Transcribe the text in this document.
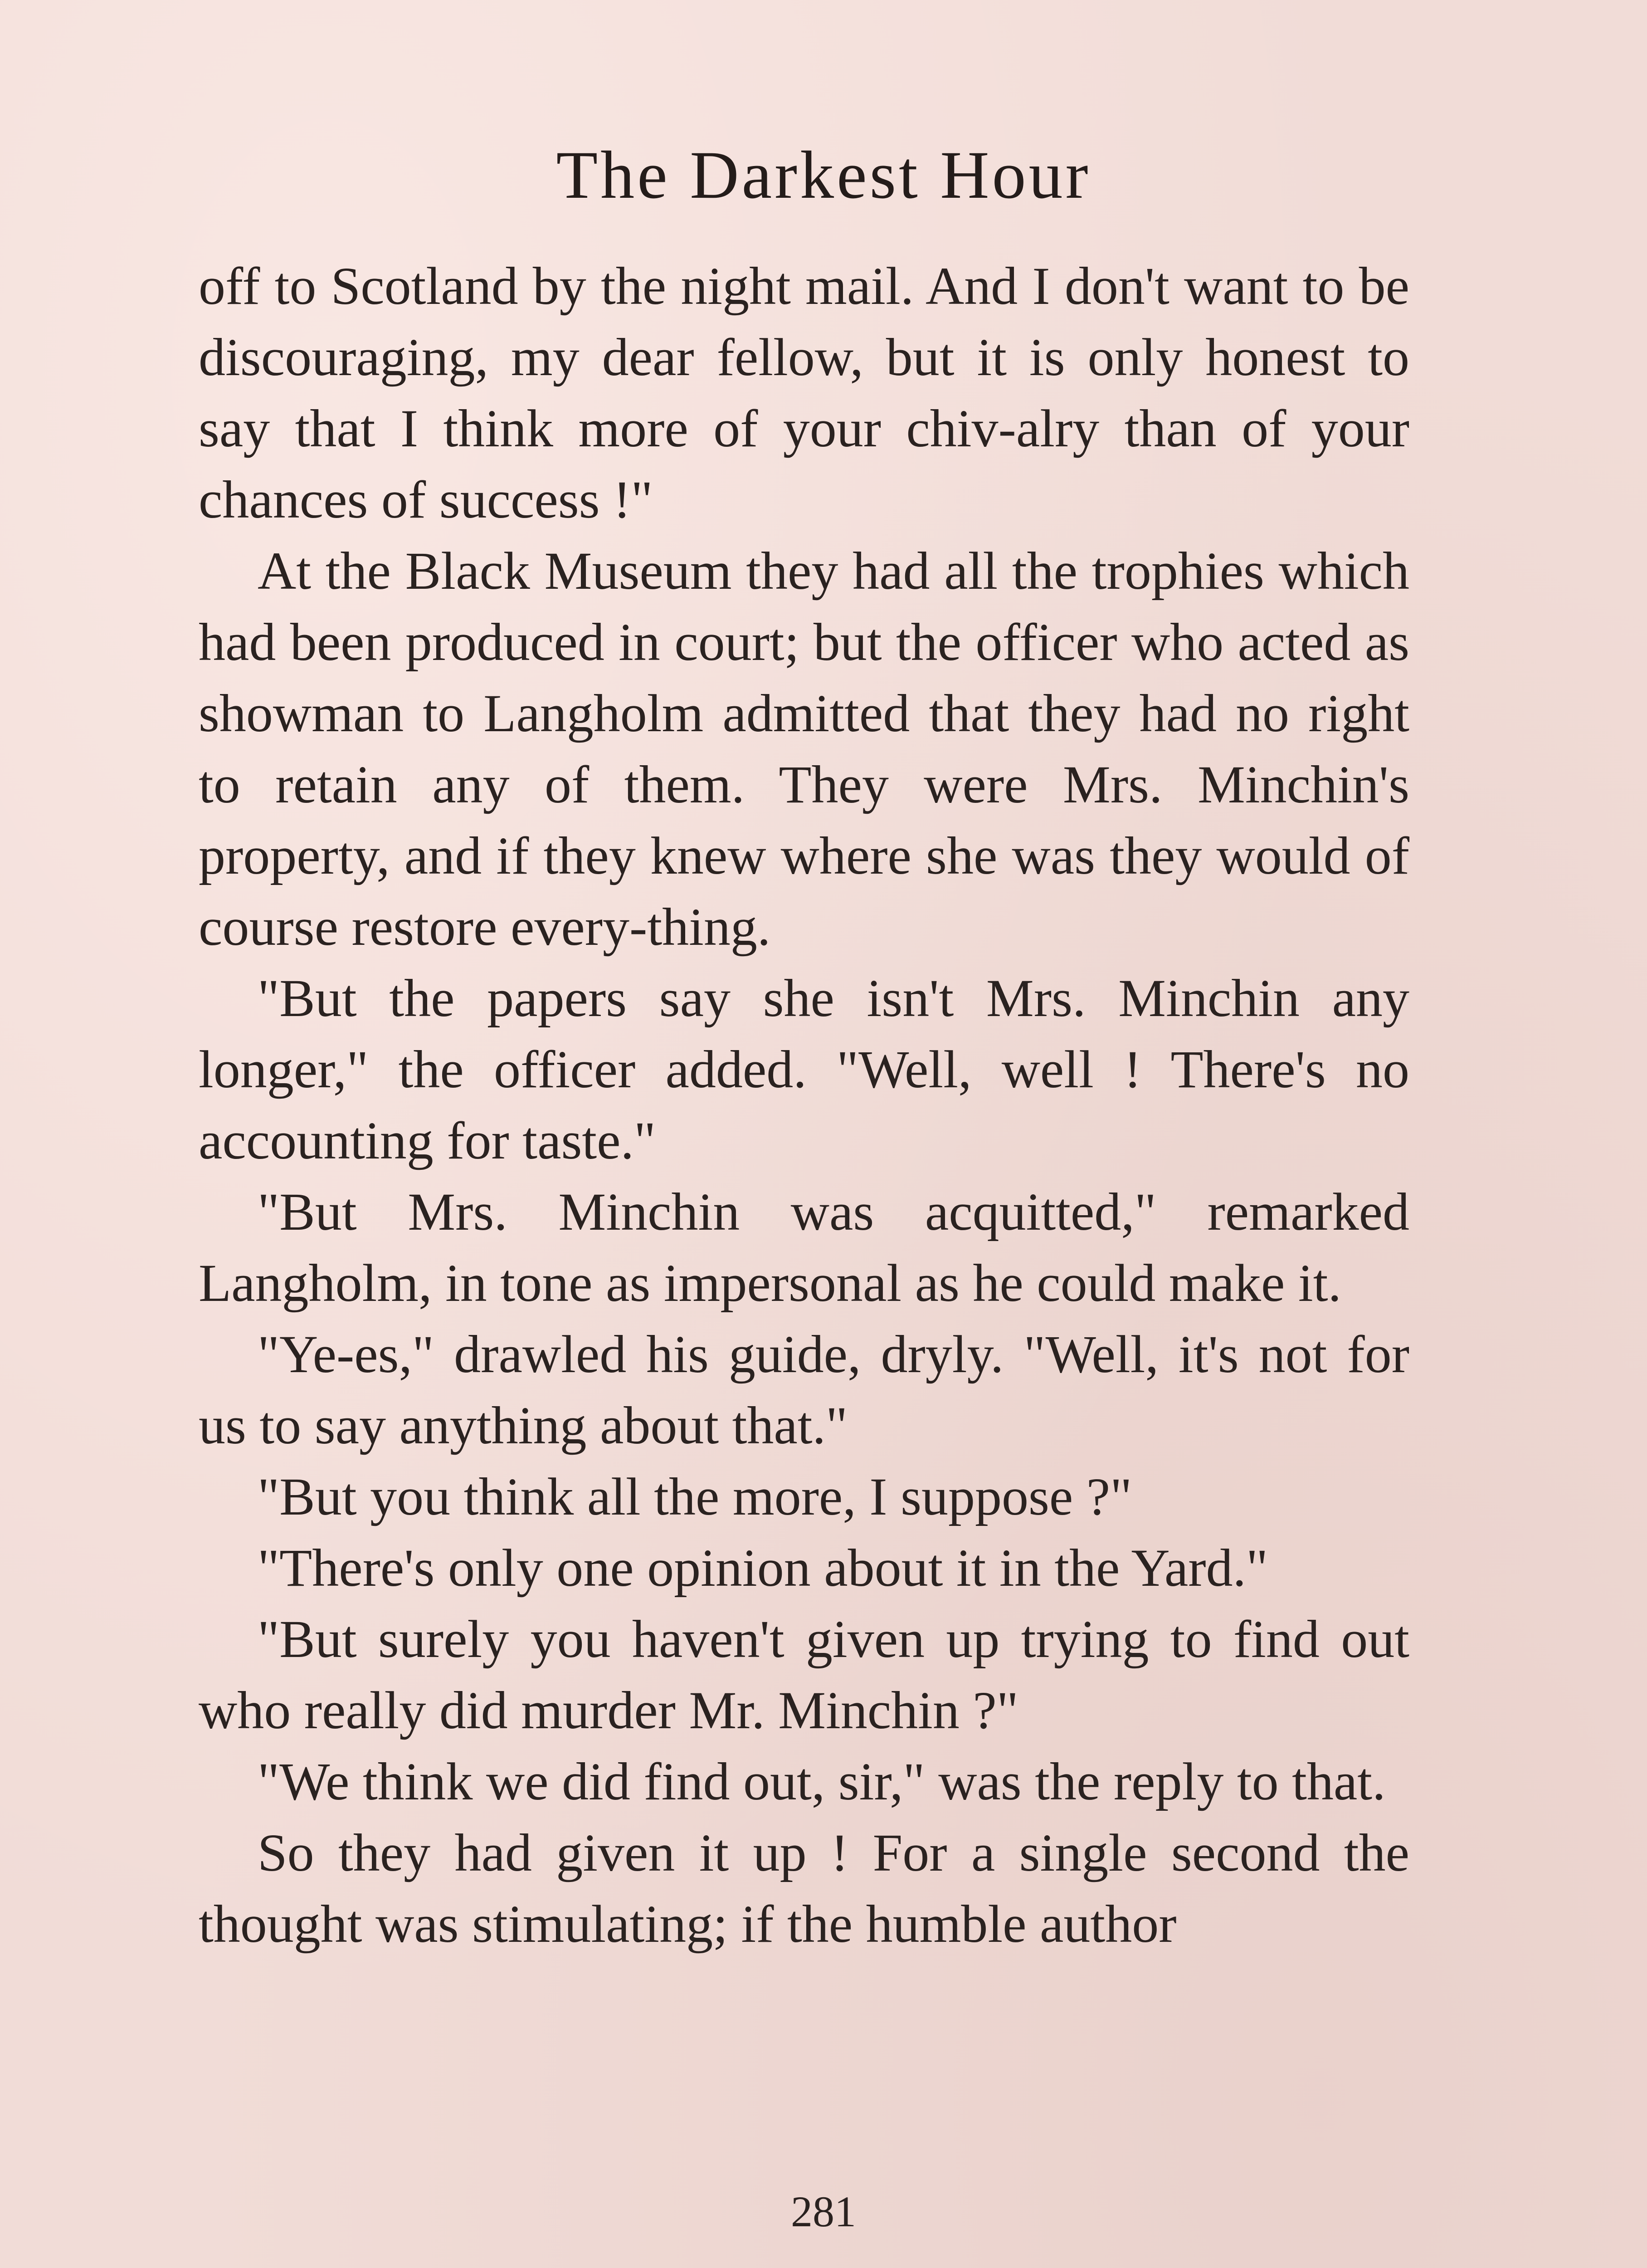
The Darkest Hour

off to Scotland by the night mail. And I don't want to be discouraging, my dear fellow, but it is only honest to say that I think more of your chiv-alry than of your chances of success !"

At the Black Museum they had all the trophies which had been produced in court; but the officer who acted as showman to Langholm admitted that they had no right to retain any of them. They were Mrs. Minchin's property, and if they knew where she was they would of course restore every-thing.

"But the papers say she isn't Mrs. Minchin any longer," the officer added. "Well, well ! There's no accounting for taste."

"But Mrs. Minchin was acquitted," remarked Langholm, in tone as impersonal as he could make it.

"Ye-es," drawled his guide, dryly. "Well, it's not for us to say anything about that."

"But you think all the more, I suppose ?"

"There's only one opinion about it in the Yard."

"But surely you haven't given up trying to find out who really did murder Mr. Minchin ?"

"We think we did find out, sir," was the reply to that.

So they had given it up ! For a single second the thought was stimulating; if the humble author

281
